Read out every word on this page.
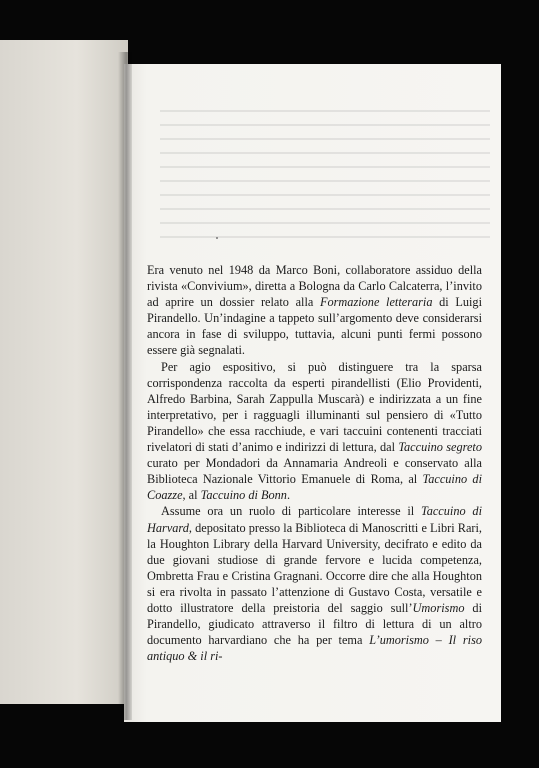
Era venuto nel 1948 da Marco Boni, collaboratore assiduo della rivista «Convivium», diretta a Bologna da Carlo Calcaterra, l’invito ad aprire un dossier relato alla Formazione letteraria di Luigi Pirandello. Un’indagine a tappeto sull’argomento deve considerarsi ancora in fase di sviluppo, tuttavia, alcuni punti fermi possono essere già segnalati.

Per agio espositivo, si può distinguere tra la sparsa corrispondenza raccolta da esperti pirandellisti (Elio Providenti, Alfredo Barbina, Sarah Zappulla Muscarà) e indirizzata a un fine interpretativo, per i ragguagli illuminanti sul pensiero di «Tutto Pirandello» che essa racchiude, e vari taccuini contenenti tracciati rivelatori di stati d’animo e indirizzi di lettura, dal Taccuino segreto curato per Mondadori da Annamaria Andreoli e conservato alla Biblioteca Nazionale Vittorio Emanuele di Roma, al Taccuino di Coazze, al Taccuino di Bonn.

Assume ora un ruolo di particolare interesse il Taccuino di Harvard, depositato presso la Biblioteca di Manoscritti e Libri Rari, la Houghton Library della Harvard University, decifrato e edito da due giovani studiose di grande fervore e lucida competenza, Ombretta Frau e Cristina Gragnani. Occorre dire che alla Houghton si era rivolta in passato l’attenzione di Gustavo Costa, versatile e dotto illustratore della preistoria del saggio sull’Umorismo di Pirandello, giudicato attraverso il filtro di lettura di un altro documento harvardiano che ha per tema L’umorismo – Il riso antiquo & il ri-
